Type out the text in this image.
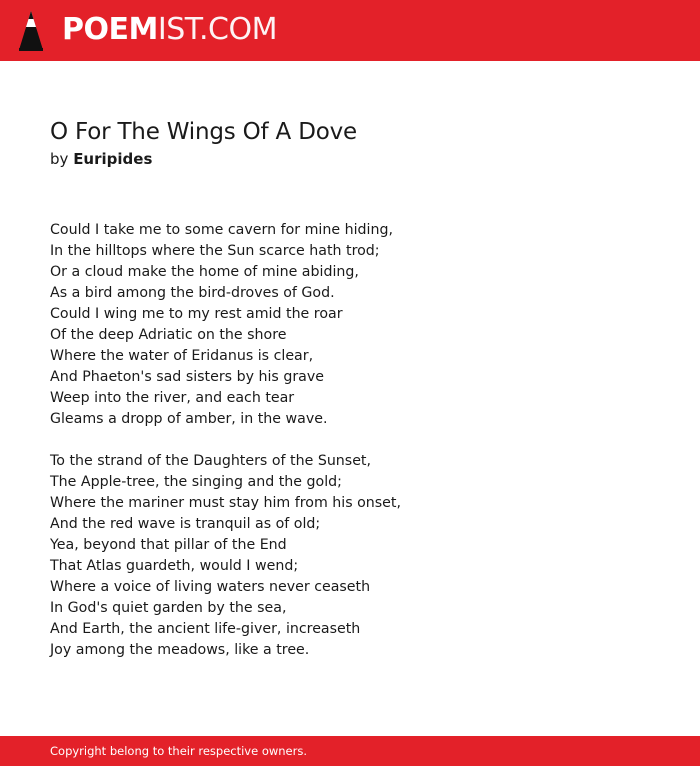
POEMIST.COM
O For The Wings Of A Dove
by Euripides
Could I take me to some cavern for mine hiding,
In the hilltops where the Sun scarce hath trod;
Or a cloud make the home of mine abiding,
As a bird among the bird-droves of God.
Could I wing me to my rest amid the roar
Of the deep Adriatic on the shore
Where the water of Eridanus is clear,
And Phaeton's sad sisters by his grave
Weep into the river, and each tear
Gleams a dropp of amber, in the wave.
To the strand of the Daughters of the Sunset,
The Apple-tree, the singing and the gold;
Where the mariner must stay him from his onset,
And the red wave is tranquil as of old;
Yea, beyond that pillar of the End
That Atlas guardeth, would I wend;
Where a voice of living waters never ceaseth
In God's quiet garden by the sea,
And Earth, the ancient life-giver, increaseth
Joy among the meadows, like a tree.
Copyright belong to their respective owners.
